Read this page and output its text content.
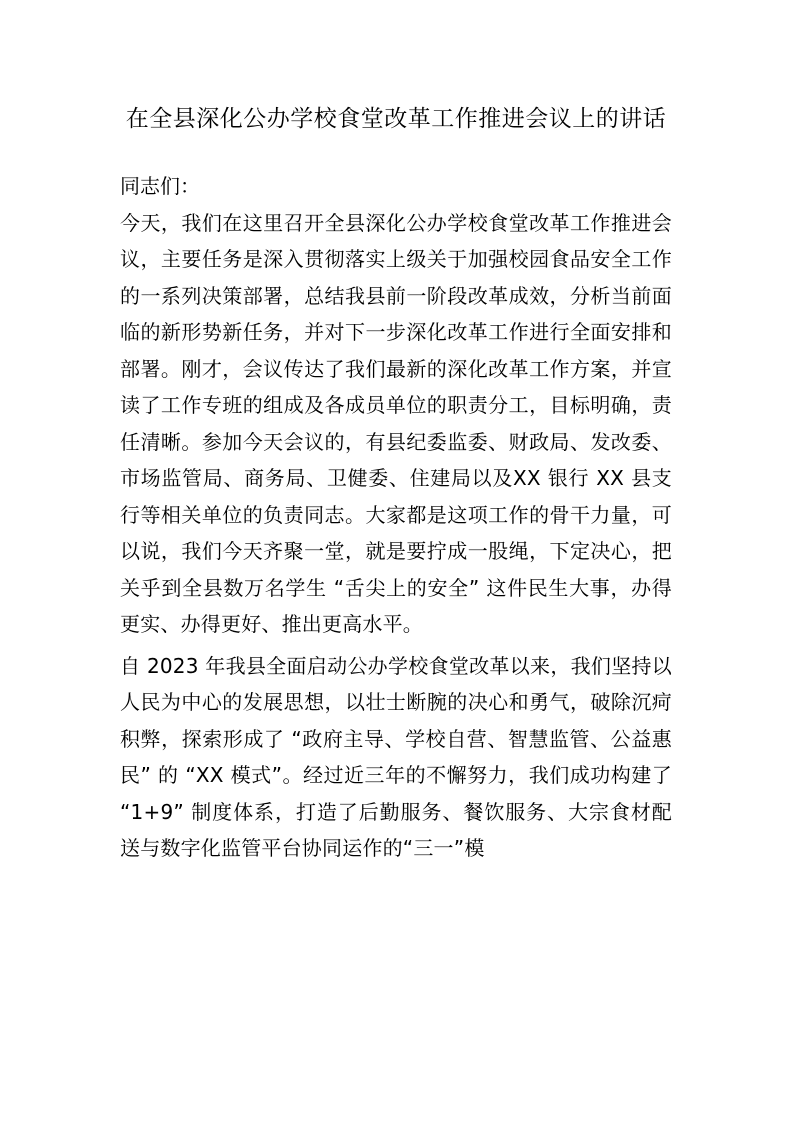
在全县深化公办学校食堂改革工作推进会议上的讲话

同志们：

今天，我们在这里召开全县深化公办学校食堂改革工作推进会议，主要任务是深入贯彻落实上级关于加强校园食品安全工作的一系列决策部署，总结我县前一阶段改革成效，分析当前面临的新形势新任务，并对下一步深化改革工作进行全面安排和部署。刚才，会议传达了我们最新的深化改革工作方案，并宣读了工作专班的组成及各成员单位的职责分工，目标明确，责任清晰。参加今天会议的，有县纪委监委、财政局、发改委、市场监管局、商务局、卫健委、住建局以及XX 银行 XX 县支行等相关单位的负责同志。大家都是这项工作的骨干力量，可以说，我们今天齐聚一堂，就是要拧成一股绳，下定决心，把关乎到全县数万名学生 “舌尖上的安全” 这件民生大事，办得更实、办得更好、推出更高水平。

自 2023 年我县全面启动公办学校食堂改革以来，我们坚持以人民为中心的发展思想，以壮士断腕的决心和勇气，破除沉疴积弊，探索形成了 “政府主导、学校自营、智慧监管、公益惠民” 的 “XX 模式”。经过近三年的不懈努力，我们成功构建了 “1+9” 制度体系，打造了后勤服务、餐饮服务、大宗食材配送与数字化监管平台协同运作的“三一”模
